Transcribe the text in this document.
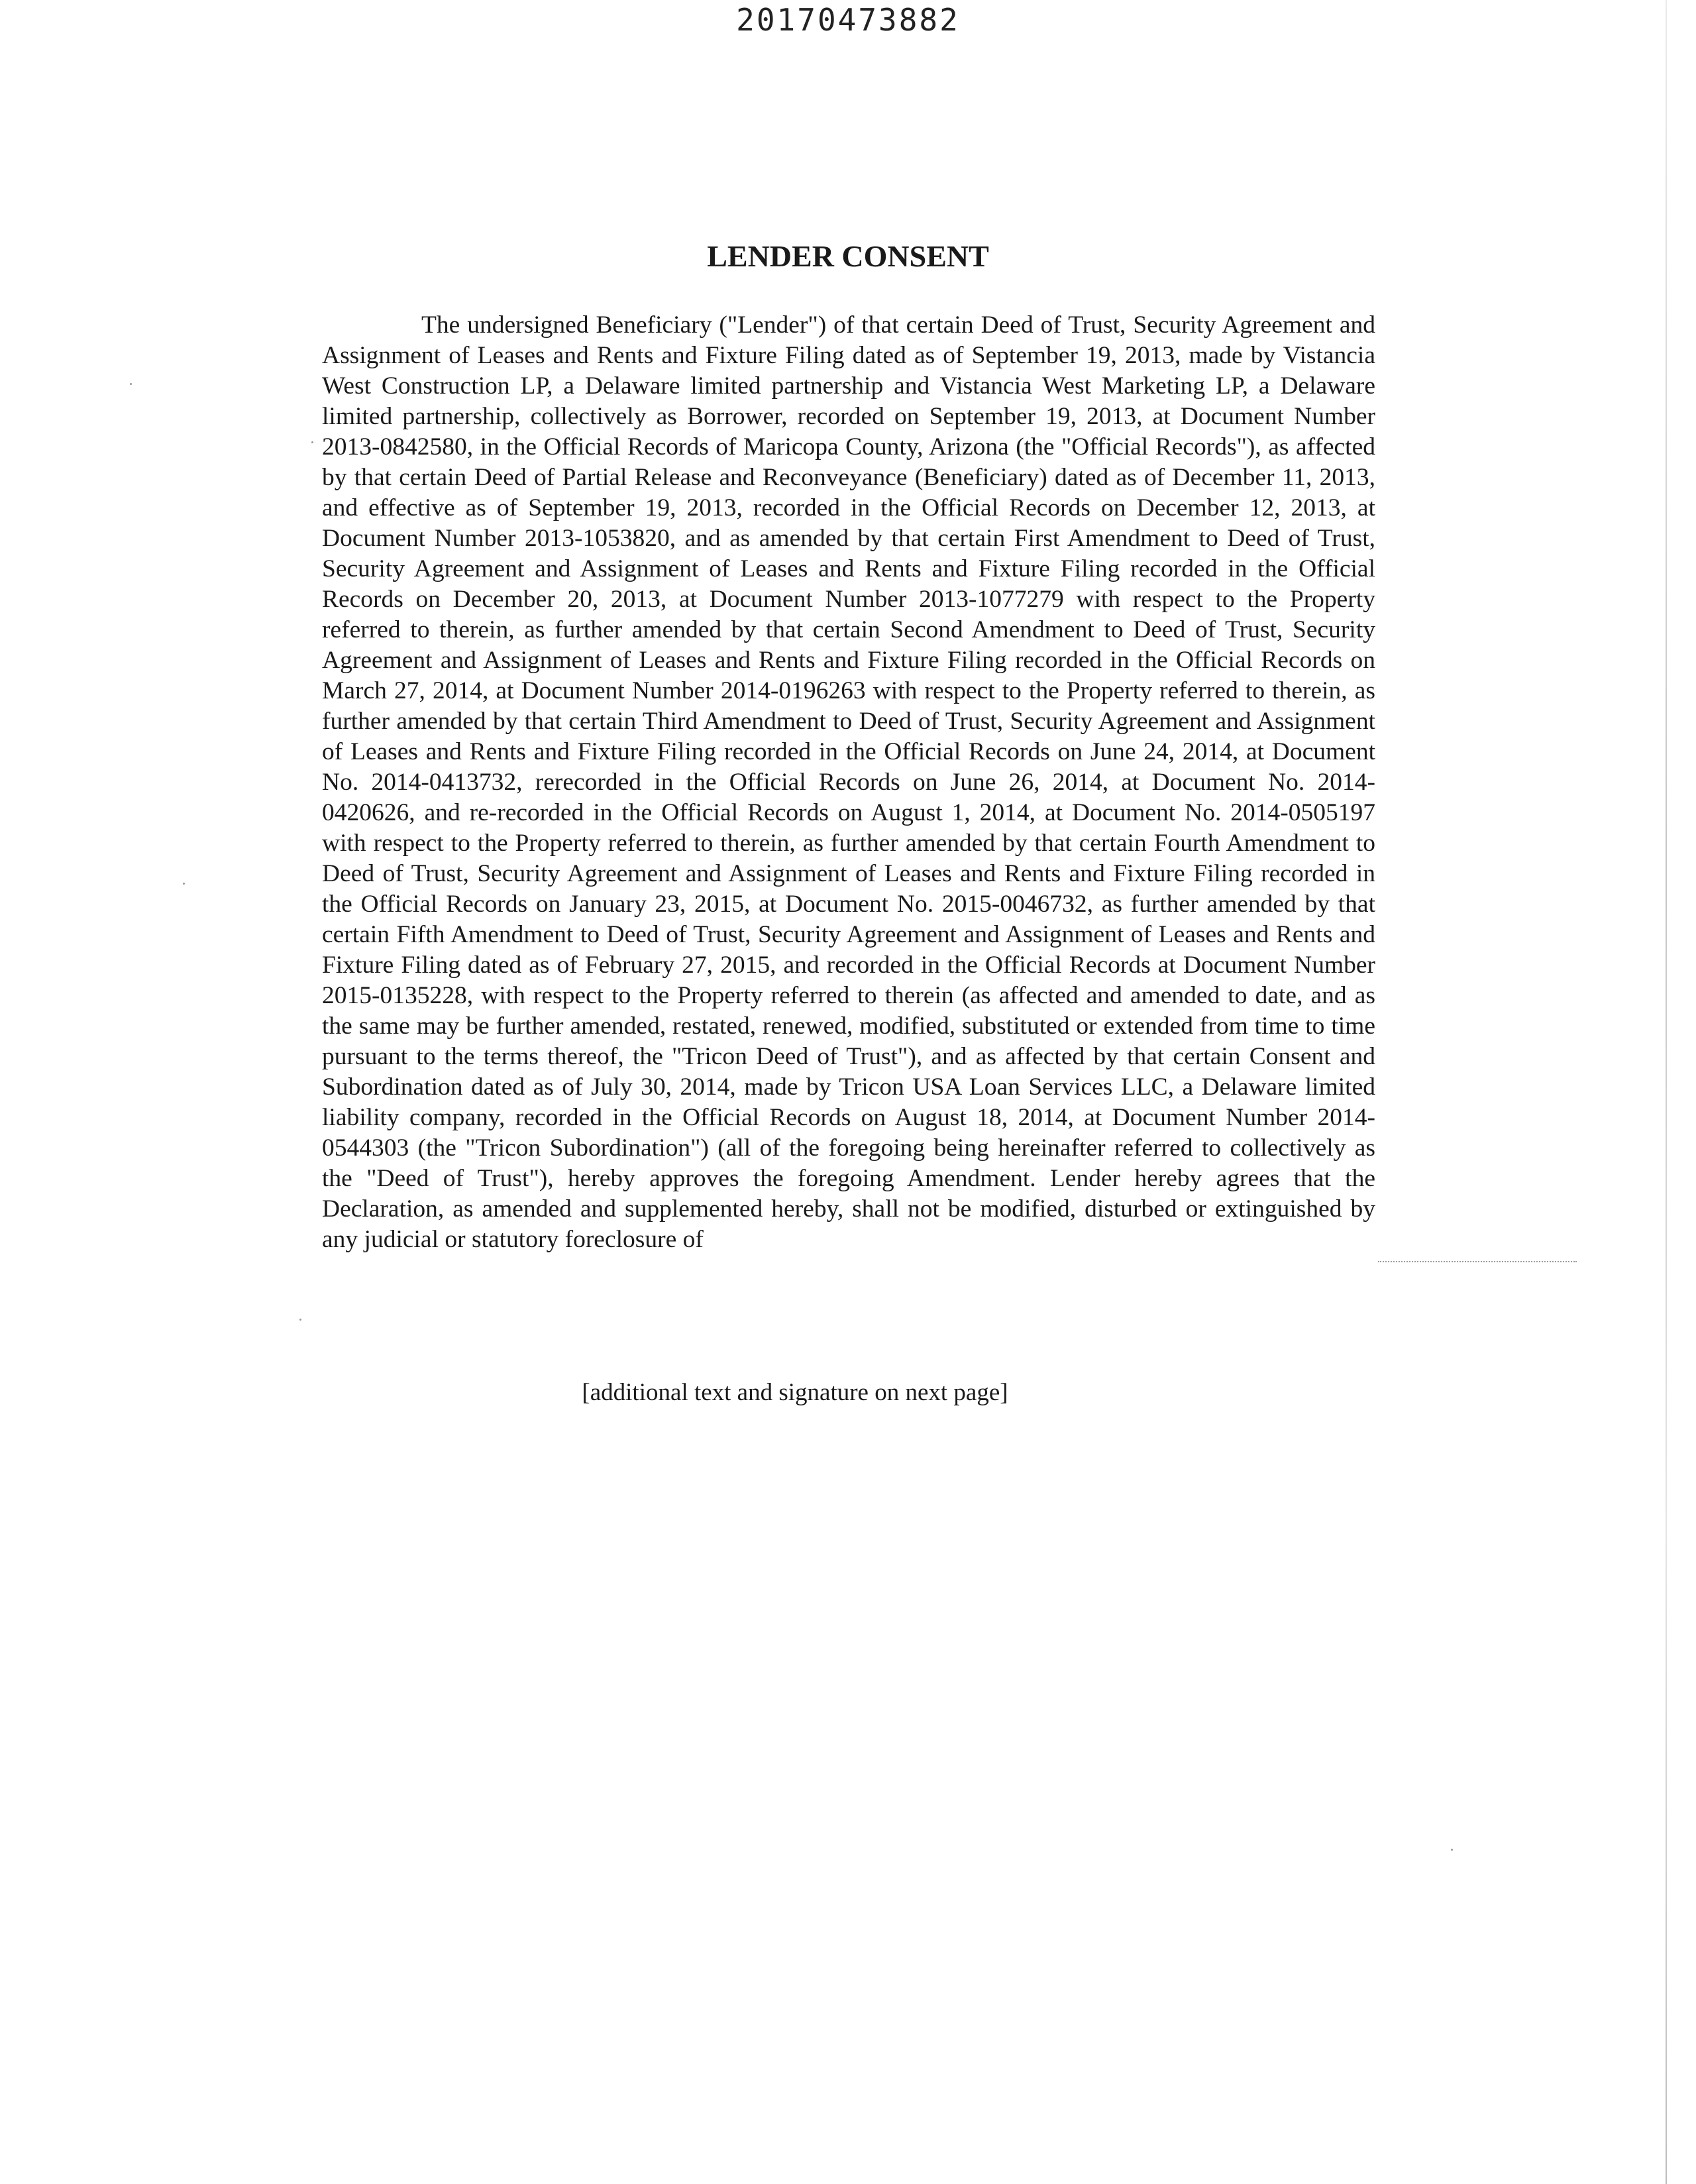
20170473882
LENDER CONSENT

The undersigned Beneficiary ("Lender") of that certain Deed of Trust, Security Agreement and Assignment of Leases and Rents and Fixture Filing dated as of September 19, 2013, made by Vistancia West Construction LP, a Delaware limited partnership and Vistancia West Marketing LP, a Delaware limited partnership, collectively as Borrower, recorded on September 19, 2013, at Document Number 2013-0842580, in the Official Records of Maricopa County, Arizona (the "Official Records"), as affected by that certain Deed of Partial Release and Reconveyance (Beneficiary) dated as of December 11, 2013, and effective as of September 19, 2013, recorded in the Official Records on December 12, 2013, at Document Number 2013-1053820, and as amended by that certain First Amendment to Deed of Trust, Security Agreement and Assignment of Leases and Rents and Fixture Filing recorded in the Official Records on December 20, 2013, at Document Number 2013-1077279 with respect to the Property referred to therein, as further amended by that certain Second Amendment to Deed of Trust, Security Agreement and Assignment of Leases and Rents and Fixture Filing recorded in the Official Records on March 27, 2014, at Document Number 2014-0196263 with respect to the Property referred to therein, as further amended by that certain Third Amendment to Deed of Trust, Security Agreement and Assignment of Leases and Rents and Fixture Filing recorded in the Official Records on June 24, 2014, at Document No. 2014-0413732, rerecorded in the Official Records on June 26, 2014, at Document No. 2014-0420626, and re-recorded in the Official Records on August 1, 2014, at Document No. 2014-0505197 with respect to the Property referred to therein, as further amended by that certain Fourth Amendment to Deed of Trust, Security Agreement and Assignment of Leases and Rents and Fixture Filing recorded in the Official Records on January 23, 2015, at Document No. 2015-0046732, as further amended by that certain Fifth Amendment to Deed of Trust, Security Agreement and Assignment of Leases and Rents and Fixture Filing dated as of February 27, 2015, and recorded in the Official Records at Document Number 2015-0135228, with respect to the Property referred to therein (as affected and amended to date, and as the same may be further amended, restated, renewed, modified, substituted or extended from time to time pursuant to the terms thereof, the "Tricon Deed of Trust"), and as affected by that certain Consent and Subordination dated as of July 30, 2014, made by Tricon USA Loan Services LLC, a Delaware limited liability company, recorded in the Official Records on August 18, 2014, at Document Number 2014-0544303 (the "Tricon Subordination") (all of the foregoing being hereinafter referred to collectively as the "Deed of Trust"), hereby approves the foregoing Amendment. Lender hereby agrees that the Declaration, as amended and supplemented hereby, shall not be modified, disturbed or extinguished by any judicial or statutory foreclosure of

[additional text and signature on next page]
